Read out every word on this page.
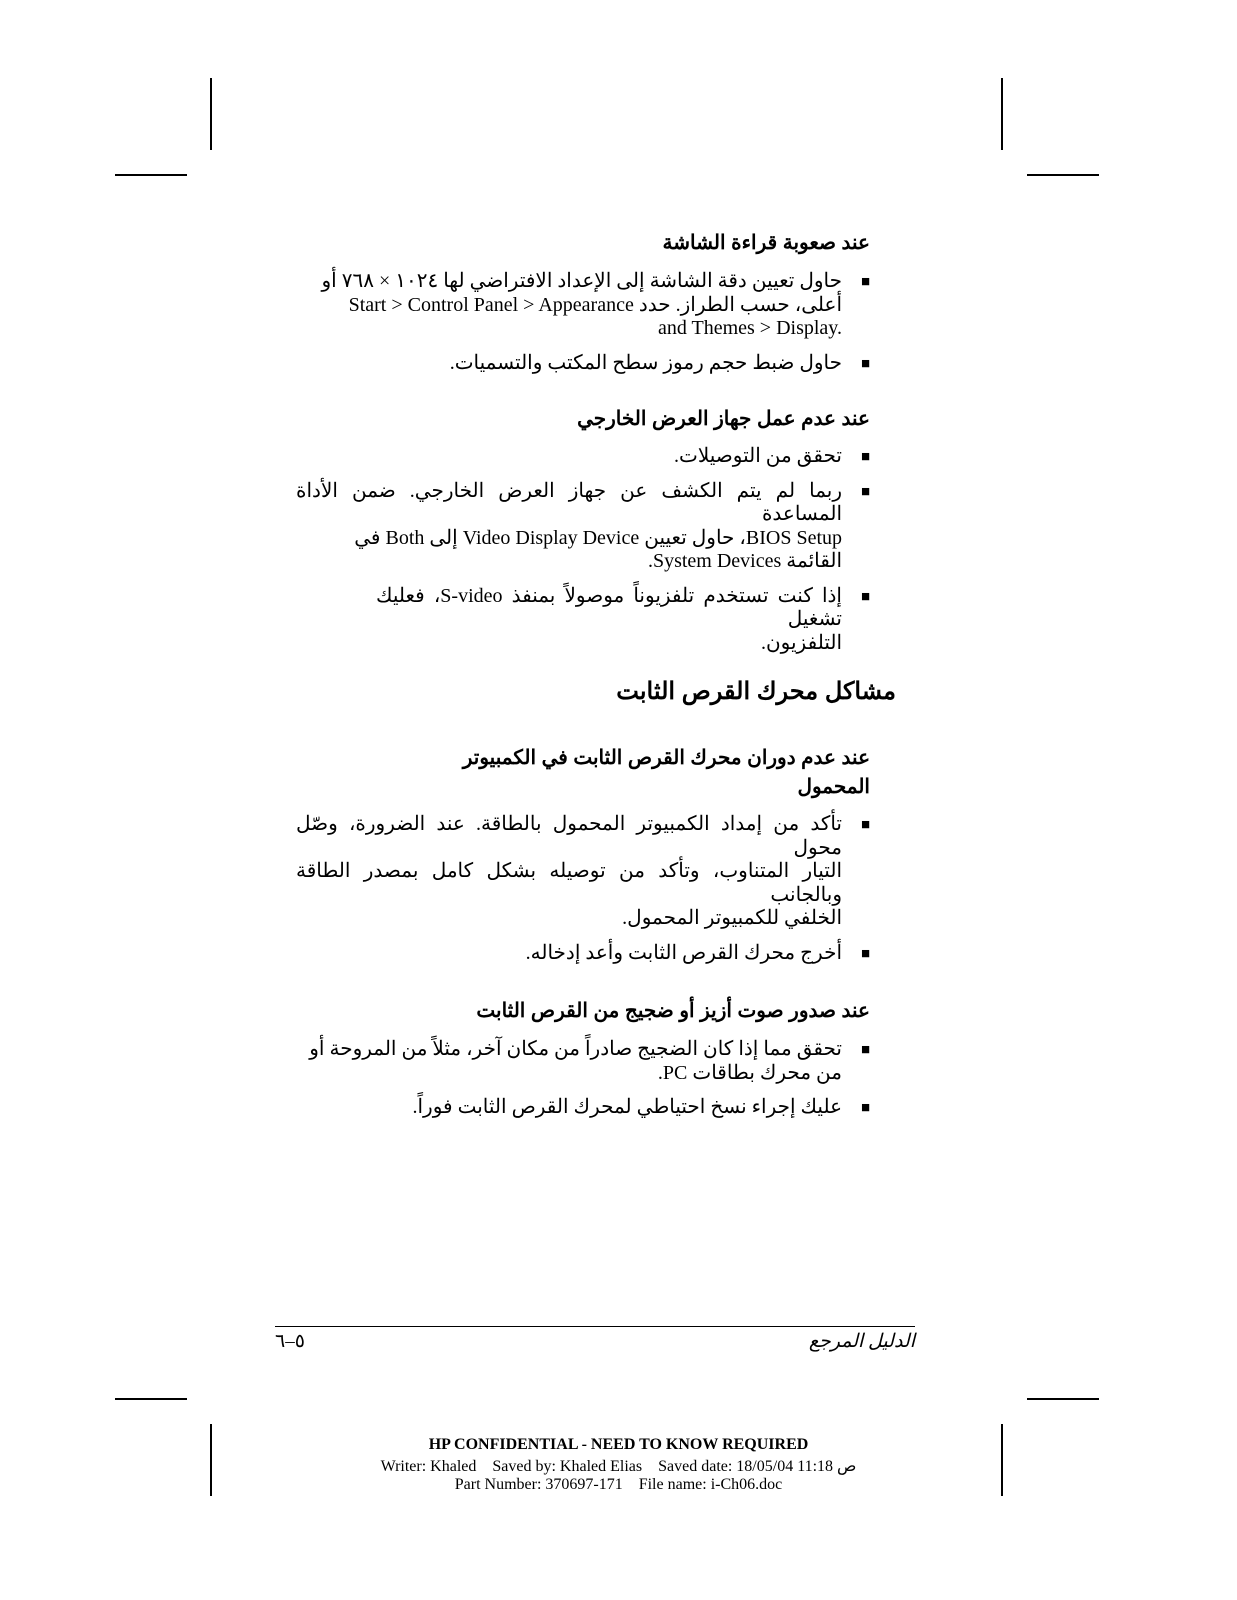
عند صعوبة قراءة الشاشة
■
حاول تعيين دقة الشاشة إلى الإعداد الافتراضي لها ١٠٢٤ × ٧٦٨ أو
أعلى، حسب الطراز. حدد Start > Control Panel > Appearance
and Themes > Display.
■
حاول ضبط حجم رموز سطح المكتب والتسميات.
عند عدم عمل جهاز العرض الخارجي
■
تحقق من التوصيلات.
■
ربما لم يتم الكشف عن جهاز العرض الخارجي. ضمن الأداة المساعدة
BIOS Setup، حاول تعيين Video Display Device إلى Both في
القائمة System Devices.
■
إذا كنت تستخدم تلفزيوناً موصولاً بمنفذ S-video، فعليك تشغيل
التلفزيون.
مشاكل محرك القرص الثابت
عند عدم دوران محرك القرص الثابت في الكمبيوتر
المحمول
■
تأكد من إمداد الكمبيوتر المحمول بالطاقة. عند الضرورة، وصّل محول
التيار المتناوب، وتأكد من توصيله بشكل كامل بمصدر الطاقة وبالجانب
الخلفي للكمبيوتر المحمول.
■
أخرج محرك القرص الثابت وأعد إدخاله.
عند صدور صوت أزيز أو ضجيج من القرص الثابت
■
تحقق مما إذا كان الضجيج صادراً من مكان آخر، مثلاً من المروحة أو
من محرك بطاقات PC.
■
عليك إجراء نسخ احتياطي لمحرك القرص الثابت فوراً.
٥–٦	الدليل المرجع
HP CONFIDENTIAL - NEED TO KNOW REQUIRED
Writer: Khaled    Saved by: Khaled Elias    Saved date: 18/05/04 11:18 ص
Part Number: 370697-171    File name: i-Ch06.doc
